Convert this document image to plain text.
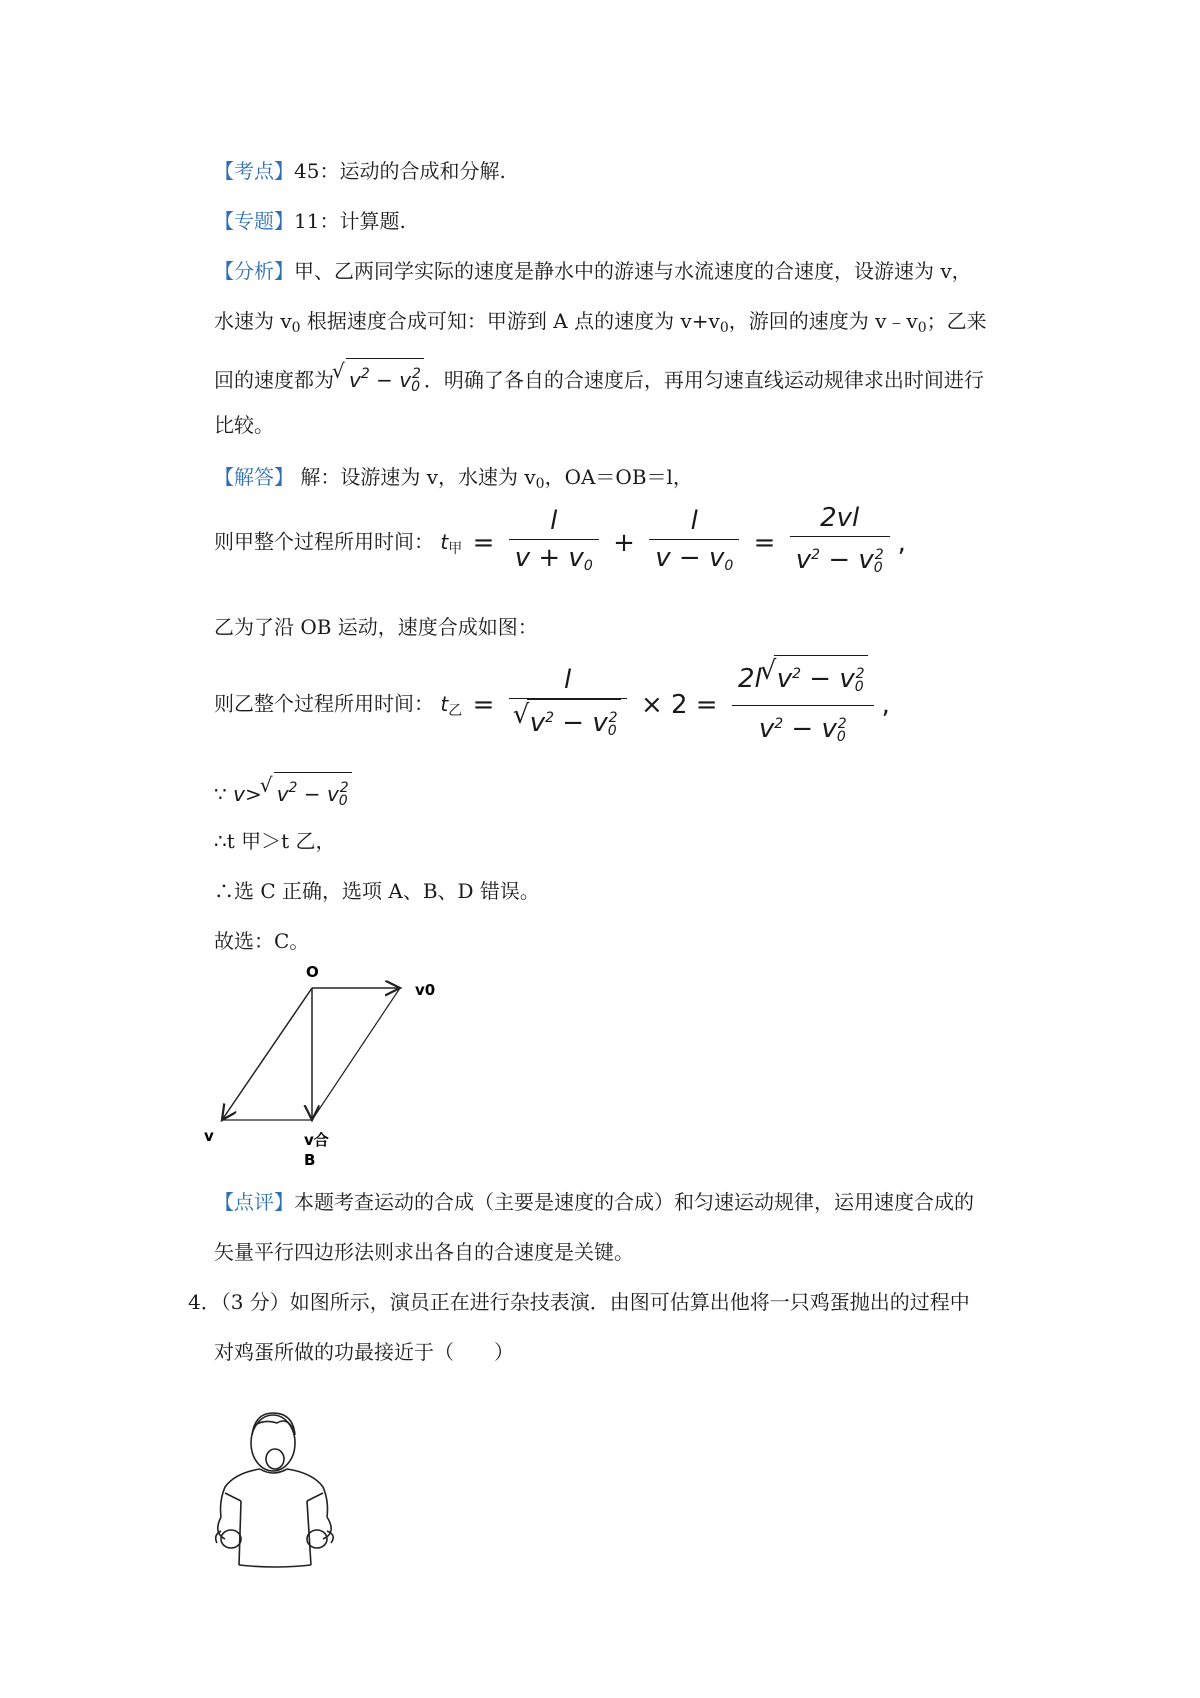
【考点】45：运动的合成和分解.
【专题】11：计算题.
【分析】甲、乙两同学实际的速度是静水中的游速与水流速度的合速度，设游速为 v，
水速为 $v_0$ 根据速度合成可知：甲游到 A 点的速度为 $v+v_0$，游回的速度为 $v﹣v_0$；乙来
回的速度都为 √ $v^2 - v_0^2$ ．明确了各自的合速度后，再用匀速直线运动规律求出时间进行
比较。
【解答】 解：设游速为 v，水速为 $v_0$，OA＝OB＝l，
则甲整个过程所用时间： $t_甲 = \frac{l}{v + v_0} + \frac{l}{v - v_0} = \frac{2vl}{v^2 - v_0^2}$ ,
乙为了沿 OB 运动，速度合成如图：
则乙整个过程所用时间： $t_乙 = l$
√ $v^2 - v_0^2 \times 2 = \frac{2l √ v^2 - v_0^2}{v^2 - v_0^2}$ ,
∵ v> √ $v^2 - v_0^2$
∴t 甲＞t 乙，
∴选 C 正确，选项 A、B、D 错误。
故选：C。
O
v0
v	v合
B
【点评】本题考查运动的合成（主要是速度的合成）和匀速运动规律，运用速度合成的
矢量平行四边形法则求出各自的合速度是关键。
4．（3 分）如图所示，演员正在进行杂技表演．由图可估算出他将一只鸡蛋抛出的过程中
对鸡蛋所做的功最接近于（　　）
